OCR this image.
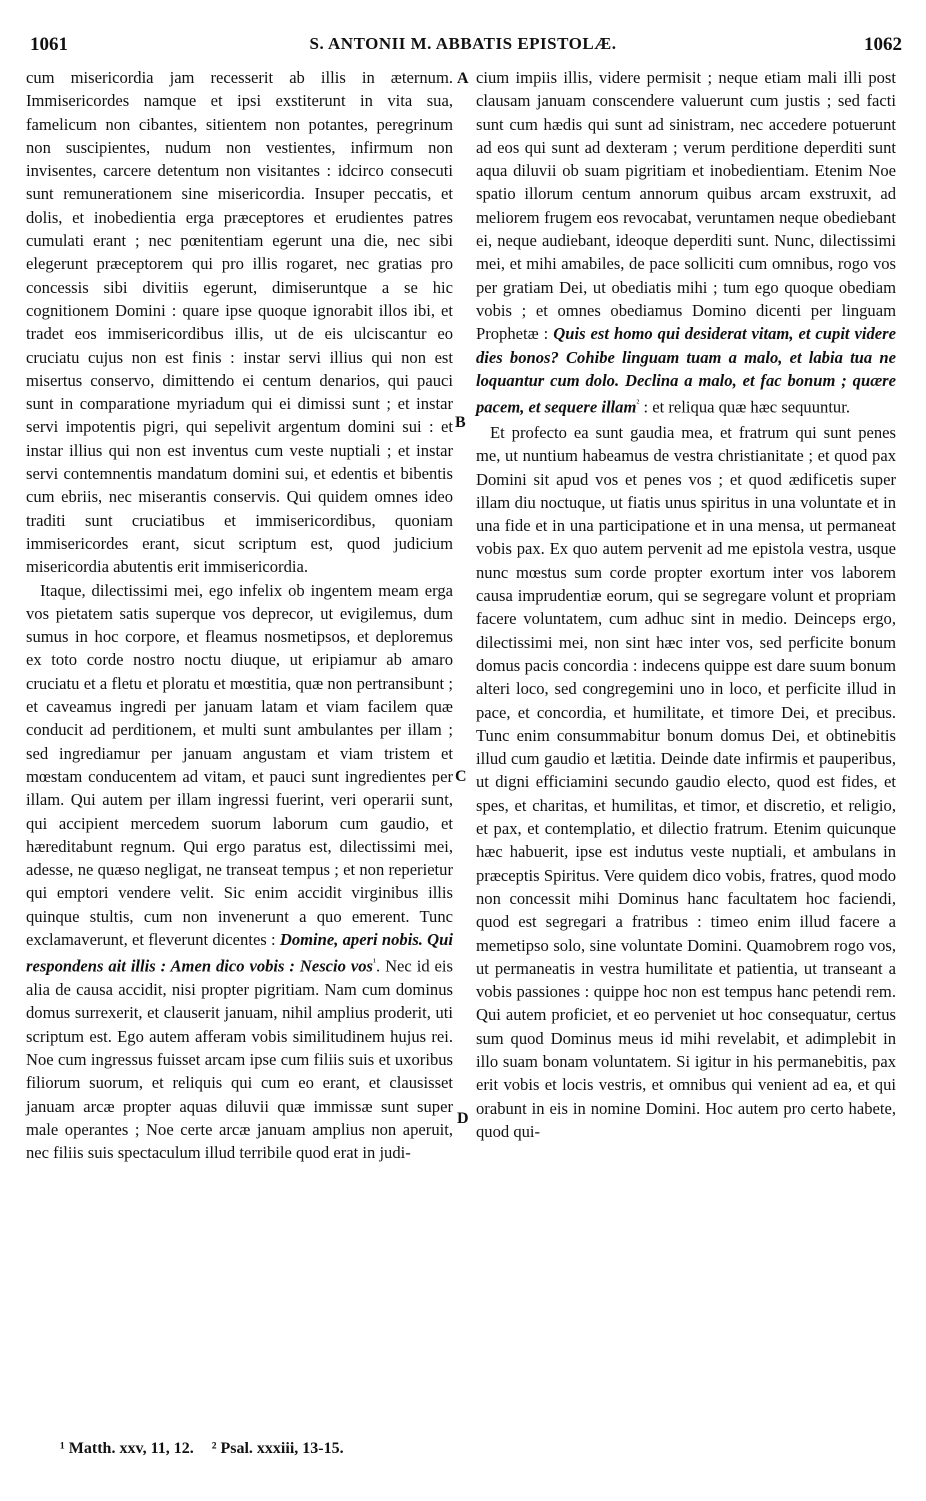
1061	S. ANTONII M. ABBATIS EPISTOLÆ.	1062
A
B
C
D

cum misericordia jam recesserit ab illis in æternum. Immisericordes namque et ipsi exstiterunt in vita sua, famelicum non cibantes, sitientem non potantes, peregrinum non suscipientes, nudum non vestientes, infirmum non invisentes, carcere detentum non visitantes : idcirco consecuti sunt remunerationem sine misericordia. Insuper peccatis, et dolis, et inobedientia erga præceptores et erudientes patres cumulati erant ; nec pœnitentiam egerunt una die, nec sibi elegerunt præceptorem qui pro illis rogaret, nec gratias pro concessis sibi divitiis egerunt, dimiseruntque a se hic cognitionem Domini : quare ipse quoque ignorabit illos ibi, et tradet eos immisericordibus illis, ut de eis ulciscantur eo cruciatu cujus non est finis : instar servi illius qui non est misertus conservo, dimittendo ei centum denarios, qui pauci sunt in comparatione myriadum qui ei dimissi sunt ; et instar servi impotentis pigri, qui sepelivit argentum domini sui : et instar illius qui non est inventus cum veste nuptiali ; et instar servi contemnentis mandatum domini sui, et edentis et bibentis cum ebriis, nec miserantis conservis. Qui quidem omnes ideo traditi sunt cruciatibus et immisericordibus, quoniam immisericordes erant, sicut scriptum est, quod judicium misericordia abutentis erit immisericordia.

Itaque, dilectissimi mei, ego infelix ob ingentem meam erga vos pietatem satis superque vos deprecor, ut evigilemus, dum sumus in hoc corpore, et fleamus nosmetipsos, et deploremus ex toto corde nostro noctu diuque, ut eripiamur ab amaro cruciatu et a fletu et ploratu et mœstitia, quæ non pertransibunt ; et caveamus ingredi per januam latam et viam facilem quæ conducit ad perditionem, et multi sunt ambulantes per illam ; sed ingrediamur per januam angustam et viam tristem et mœstam conducentem ad vitam, et pauci sunt ingredientes per illam. Qui autem per illam ingressi fuerint, veri operarii sunt, qui accipient mercedem suorum laborum cum gaudio, et hæreditabunt regnum. Qui ergo paratus est, dilectissimi mei, adesse, ne quæso negligat, ne transeat tempus ; et non reperietur qui emptori vendere velit. Sic enim accidit virginibus illis quinque stultis, cum non invenerunt a quo emerent. Tunc exclamaverunt, et fleverunt dicentes : Domine, aperi nobis. Qui respondens ait illis : Amen dico vobis : Nescio vos$^{^1}$. Nec id eis alia de causa accidit, nisi propter pigritiam. Nam cum dominus domus surrexerit, et clauserit januam, nihil amplius proderit, uti scriptum est. Ego autem afferam vobis similitudinem hujus rei. Noe cum ingressus fuisset arcam ipse cum filiis suis et uxoribus filiorum suorum, et reliquis qui cum eo erant, et clausisset januam arcæ propter aquas diluvii quæ immissæ sunt super male operantes ; Noe certe arcæ januam amplius non aperuit, nec filiis suis spectaculum illud terribile quod erat in judi-

cium impiis illis, videre permisit ; neque etiam mali illi post clausam januam conscendere valuerunt cum justis ; sed facti sunt cum hædis qui sunt ad sinistram, nec accedere potuerunt ad eos qui sunt ad dexteram ; verum perditione deperditi sunt aqua diluvii ob suam pigritiam et inobedientiam. Etenim Noe spatio illorum centum annorum quibus arcam exstruxit, ad meliorem frugem eos revocabat, veruntamen neque obediebant ei, neque audiebant, ideoque deperditi sunt. Nunc, dilectissimi mei, et mihi amabiles, de pace solliciti cum omnibus, rogo vos per gratiam Dei, ut obediatis mihi ; tum ego quoque obediam vobis ; et omnes obediamus Domino dicenti per linguam Prophetæ : Quis est homo qui desiderat vitam, et cupit videre dies bonos? Cohibe linguam tuam a malo, et labia tua ne loquantur cum dolo. Declina a malo, et fac bonum ; quære pacem, et sequere illam$^{^2}$ : et reliqua quæ hæc sequuntur.

Et profecto ea sunt gaudia mea, et fratrum qui sunt penes me, ut nuntium habeamus de vestra christianitate ; et quod pax Domini sit apud vos et penes vos ; et quod ædificetis super illam diu noctuque, ut fiatis unus spiritus in una voluntate et in una fide et in una participatione et in una mensa, ut permaneat vobis pax. Ex quo autem pervenit ad me epistola vestra, usque nunc mœstus sum corde propter exortum inter vos laborem causa imprudentiæ eorum, qui se segregare volunt et propriam facere voluntatem, cum adhuc sint in medio. Deinceps ergo, dilectissimi mei, non sint hæc inter vos, sed perficite bonum domus pacis concordia : indecens quippe est dare suum bonum alteri loco, sed congregemini uno in loco, et perficite illud in pace, et concordia, et humilitate, et timore Dei, et precibus. Tunc enim consummabitur bonum domus Dei, et obtinebitis illud cum gaudio et lætitia. Deinde date infirmis et pauperibus, ut digni efficiamini secundo gaudio electo, quod est fides, et spes, et charitas, et humilitas, et timor, et discretio, et religio, et pax, et contemplatio, et dilectio fratrum. Etenim quicunque hæc habuerit, ipse est indutus veste nuptiali, et ambulans in præceptis Spiritus. Vere quidem dico vobis, fratres, quod modo non concessit mihi Dominus hanc facultatem hoc faciendi, quod est segregari a fratribus : timeo enim illud facere a memetipso solo, sine voluntate Domini. Quamobrem rogo vos, ut permaneatis in vestra humilitate et patientia, ut transeant a vobis passiones : quippe hoc non est tempus hanc petendi rem. Qui autem proficiet, et eo perveniet ut hoc consequatur, certus sum quod Dominus meus id mihi revelabit, et adimplebit in illo suam bonam voluntatem. Si igitur in his permanebitis, pax erit vobis et locis vestris, et omnibus qui venient ad ea, et qui orabunt in eis in nomine Domini. Hoc autem pro certo habete, quod qui-

¹ Matth. xxv, 11, 12. ² Psal. xxxiii, 13-15.
